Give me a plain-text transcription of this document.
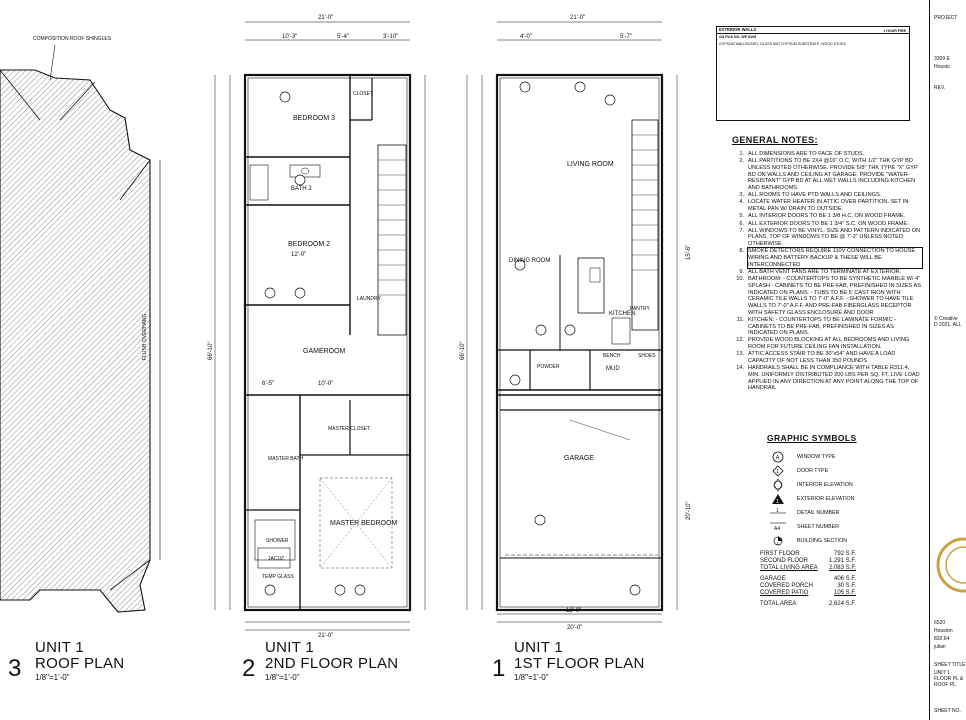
COMPOSITION ROOF SHINGLES
FLUSH OVERHANG
BEDROOM 3
BATH 2
BEDROOM 2
GAMEROOM
MASTER CLOSET
MASTER BATH
MASTER BEDROOM
CLOSET
LAUNDRY
SHOWER
JACUZ.
TEMP GLASS
21'-0"
10'-3"	5'-4"	3'-10"
66'-10"
21'-0"
10'-0"
6'-5"
12'-0"
LIVING ROOM
DINING ROOM
KITCHEN
PANTRY
POWDER	MUD
GARAGE
BENCH	SHOES
21'-0"
4'-0"	5'-7"
66'-10"
18'-0"
20'-0"
15'-6"
20'-10"
3
UNIT 1
ROOF PLAN
1/8"=1'-0"	2
UNIT 1
2ND FLOOR PLAN
1/8"=1'-0"	1
UNIT 1
1ST FLOOR PLAN
1/8"=1'-0"
EXTERIOR WALLS
GA FILE NO. WP 8108
GYPSUM WALLBOARD, GLASS MAT GYPSUM SUBSTRATE, WOOD STUDS
1 HOUR FIRE
GENERAL NOTES:
1. ALL DIMENSIONS ARE TO FACE OF STUDS.
2. ALL PARTITIONS TO BE 2X4 @16" O.C. WITH 1/2" THK GYP BD UNLESS NOTED OTHERWISE. PROVIDE 5/8" THK TYPE "X" GYP BD ON WALLS AND CEILING AT GARAGE. PROVIDE "WATER-RESISTANT" GYP BD AT ALL WET WALLS INCLUDING KITCHEN AND BATHROOMS.
3. ALL ROOMS TO HAVE PTD WALLS AND CEILINGS.
4. LOCATE WATER HEATER IN ATTIC OVER PARTITION. SET IN METAL PAN W/ DRAIN TO OUTSIDE.
5. ALL INTERIOR DOORS TO BE 1 3/8 H.C. ON WOOD FRAME.
6. ALL EXTERIOR DOORS TO BE 1 3/4" S.C. ON WOOD FRAME.
7. ALL WINDOWS TO BE VINYL. SIZE AND PATTERN INDICATED ON PLANS. TOP OF WINDOWS TO BE @ 7'-2" UNLESS NOTED OTHERWISE.
8. SMOKE DETECTORS REQUIRE 110V CONNECTION TO HOUSE WIRING AND BATTERY BACKUP & THESE WILL BE INTERCONNECTED
9. ALL BATH VENT FANS ARE TO TERMINATE AT EXTERIOR.
10. BATHROOM: - COUNTERTOPS TO BE SYNTHETIC MARBLE W/ 4" SPLASH - CABINETS TO BE PRE-FAB, PREFINISHED IN SIZES AS INDICATED ON PLANS. - TUBS TO BE 5' CAST IRON WITH CERAMIC TILE WALLS TO 7'-0" A.F.F. - SHOWER TO HAVE TILE WALLS TO 7'-0" A.F.F. AND PRE-FAB FIBERGLASS RECEPTOR WITH SAFETY GLASS ENCLOSURE AND DOOR
11. KITCHEN: - COUNTERTOPS TO BE LAMINATE FORMIC - CABINETS TO BE PRE-FAB, PREFINISHED IN SIZES AS INDICATED ON PLANS.
12. PROVIDE WOOD BLOCKING AT ALL BEDROOMS AND LIVING ROOM FOR FUTURE CEILING FAN INSTALLATION.
13. ATTIC ACCESS STAIR TO BE 30"x54" AND HAVE A LOAD CAPACITY OF NOT LESS THAN 350 POUNDS
14. HANDRAILS SHALL BE IN COMPLIANCE WITH TABLE R311.4, MIN. UNIFORMLY DISTRIBUTED 200 LBS PER SQ. FT. LIVE LOAD APPLIED IN ANY DIRECTION AT ANY POINT ALONG THE TOP OF HANDRAIL
GRAPHIC SYMBOLS
A	WINDOW TYPE
1	DOOR TYPE
INTERIOR ELEVATION
1	EXTERIOR ELEVATION
1	DETAIL NUMBER
A4	SHEET NUMBER
1	BUILDING SECTION
FIRST FLOOR	792 S.F.
SECOND FLOOR	1,291 S.F.
TOTAL LIVING AREA 2,083 S.F.
GARAGE	406 S.F.
COVERED PORCH	30 S.F.
COVERED PATIO	105 S.F.
TOTAL AREA	2,624 S.F.
PROJECT
3309 E
Housto
REV.
© Creative D 2021. ALL
6520
Houston
832.64
julian
SHEET TITLE
UNIT 1 FLOOR PL & ROOF PL
SHEET NO.
